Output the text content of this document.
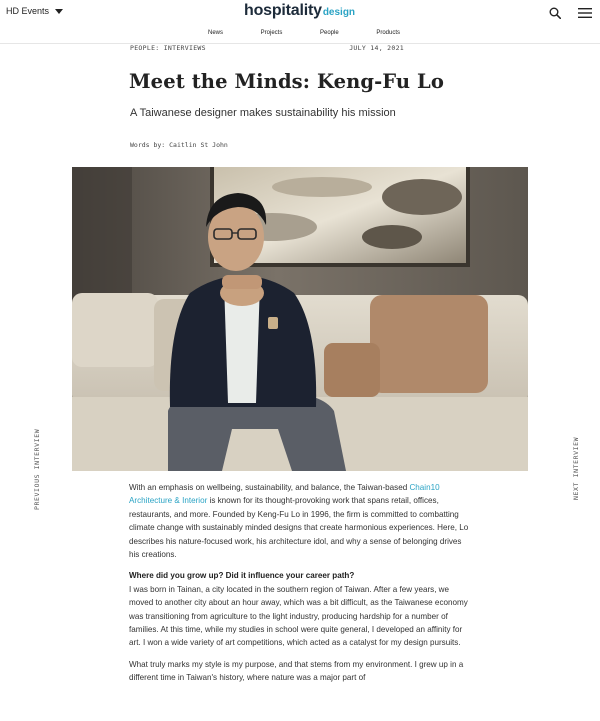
HD Events	hospitality design
News	Projects	People	Products
PEOPLE: INTERVIEWS	JULY 14, 2021
Meet the Minds: Keng-Fu Lo
A Taiwanese designer makes sustainability his mission
Words by: Caitlin St John
PREVIOUS INTERVIEW	NEXT INTERVIEW

With an emphasis on wellbeing, sustainability, and balance, the Taiwan-based Chain10 Architecture & Interior is known for its thought-provoking work that spans retail, offices, restaurants, and more. Founded by Keng-Fu Lo in 1996, the firm is committed to combatting climate change with sustainably minded designs that create harmonious experiences. Here, Lo describes his nature-focused work, his architecture idol, and why a sense of belonging drives his creations.

Where did you grow up? Did it influence your career path?

I was born in Tainan, a city located in the southern region of Taiwan. After a few years, we moved to another city about an hour away, which was a bit difficult, as the Taiwanese economy was transitioning from agriculture to the light industry, producing hardship for a number of families. At this time, while my studies in school were quite general, I developed an affinity for art. I won a wide variety of art competitions, which acted as a catalyst for my design pursuits.

What truly marks my style is my purpose, and that stems from my environment. I grew up in a different time in Taiwan's history, where nature was a major part of
